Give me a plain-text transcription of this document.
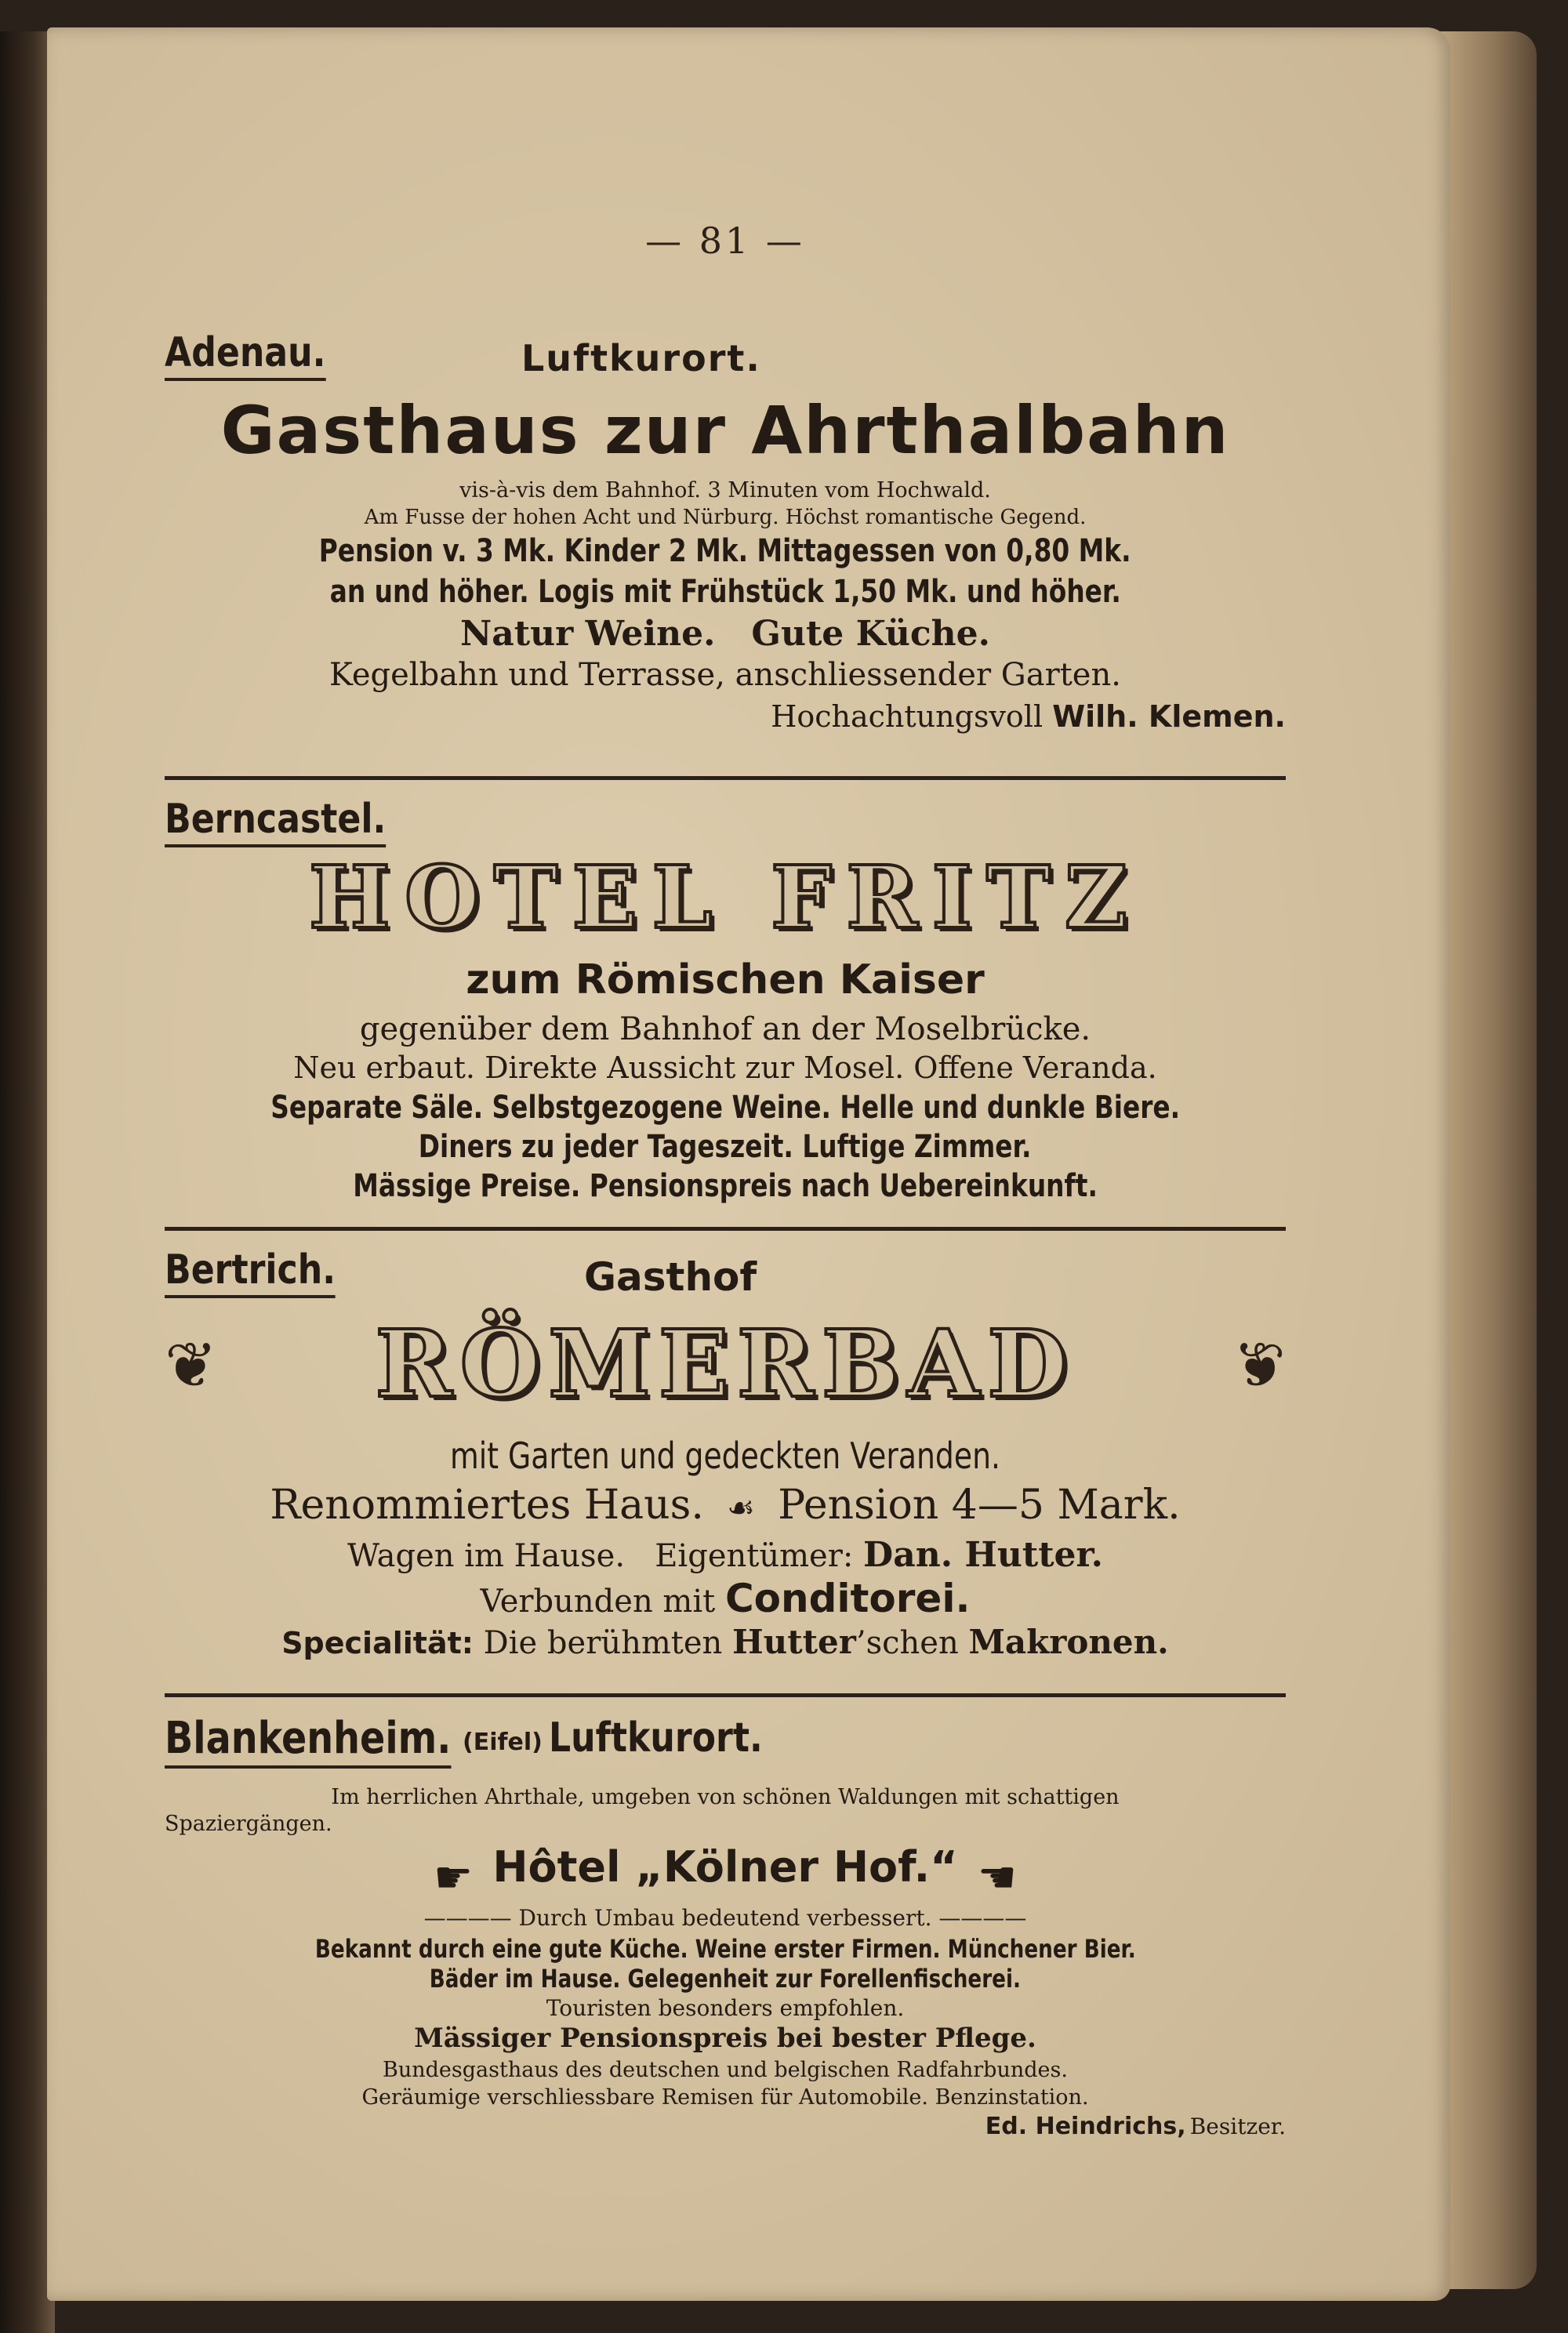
— 81 —
Adenau.	Luftkurort.
Gasthaus zur Ahrthalbahn
vis-à-vis dem Bahnhof. 3 Minuten vom Hochwald.
Am Fusse der hohen Acht und Nürburg. Höchst romantische Gegend.
Pension v. 3 Mk. Kinder 2 Mk. Mittagessen von 0,80 Mk.
an und höher. Logis mit Frühstück 1,50 Mk. und höher.
Natur Weine. Gute Küche.
Kegelbahn und Terrasse, anschliessender Garten.
Hochachtungsvoll Wilh. Klemen.
Berncastel.
HOTEL FRITZ
zum Römischen Kaiser
gegenüber dem Bahnhof an der Moselbrücke.
Neu erbaut. Direkte Aussicht zur Mosel. Offene Veranda.
Separate Säle. Selbstgezogene Weine. Helle und dunkle Biere.
Diners zu jeder Tageszeit. Luftige Zimmer.
Mässige Preise. Pensionspreis nach Uebereinkunft.
Bertrich.	Gasthof
❦ RÖMERBAD	❦
mit Garten und gedeckten Veranden.
Renommiertes Haus.  ☙  Pension 4—5 Mark.
Wagen im Hause. Eigentümer: Dan. Hutter.
Verbunden mit Conditorei.
Specialität: Die berühmten Hutter’schen Makronen.
Blankenheim. (Eifel) Luftkurort.
Im herrlichen Ahrthale, umgeben von schönen Waldungen mit schattigen
Spaziergängen.
☛ Hôtel „Kölner Hof.“ ☚
———— Durch Umbau bedeutend verbessert. ————
Bekannt durch eine gute Küche. Weine erster Firmen. Münchener Bier.
Bäder im Hause. Gelegenheit zur Forellenfischerei.
Touristen besonders empfohlen.
Mässiger Pensionspreis bei bester Pflege.
Bundesgasthaus des deutschen und belgischen Radfahrbundes.
Geräumige verschliessbare Remisen für Automobile. Benzinstation.
Ed. Heindrichs, Besitzer.
